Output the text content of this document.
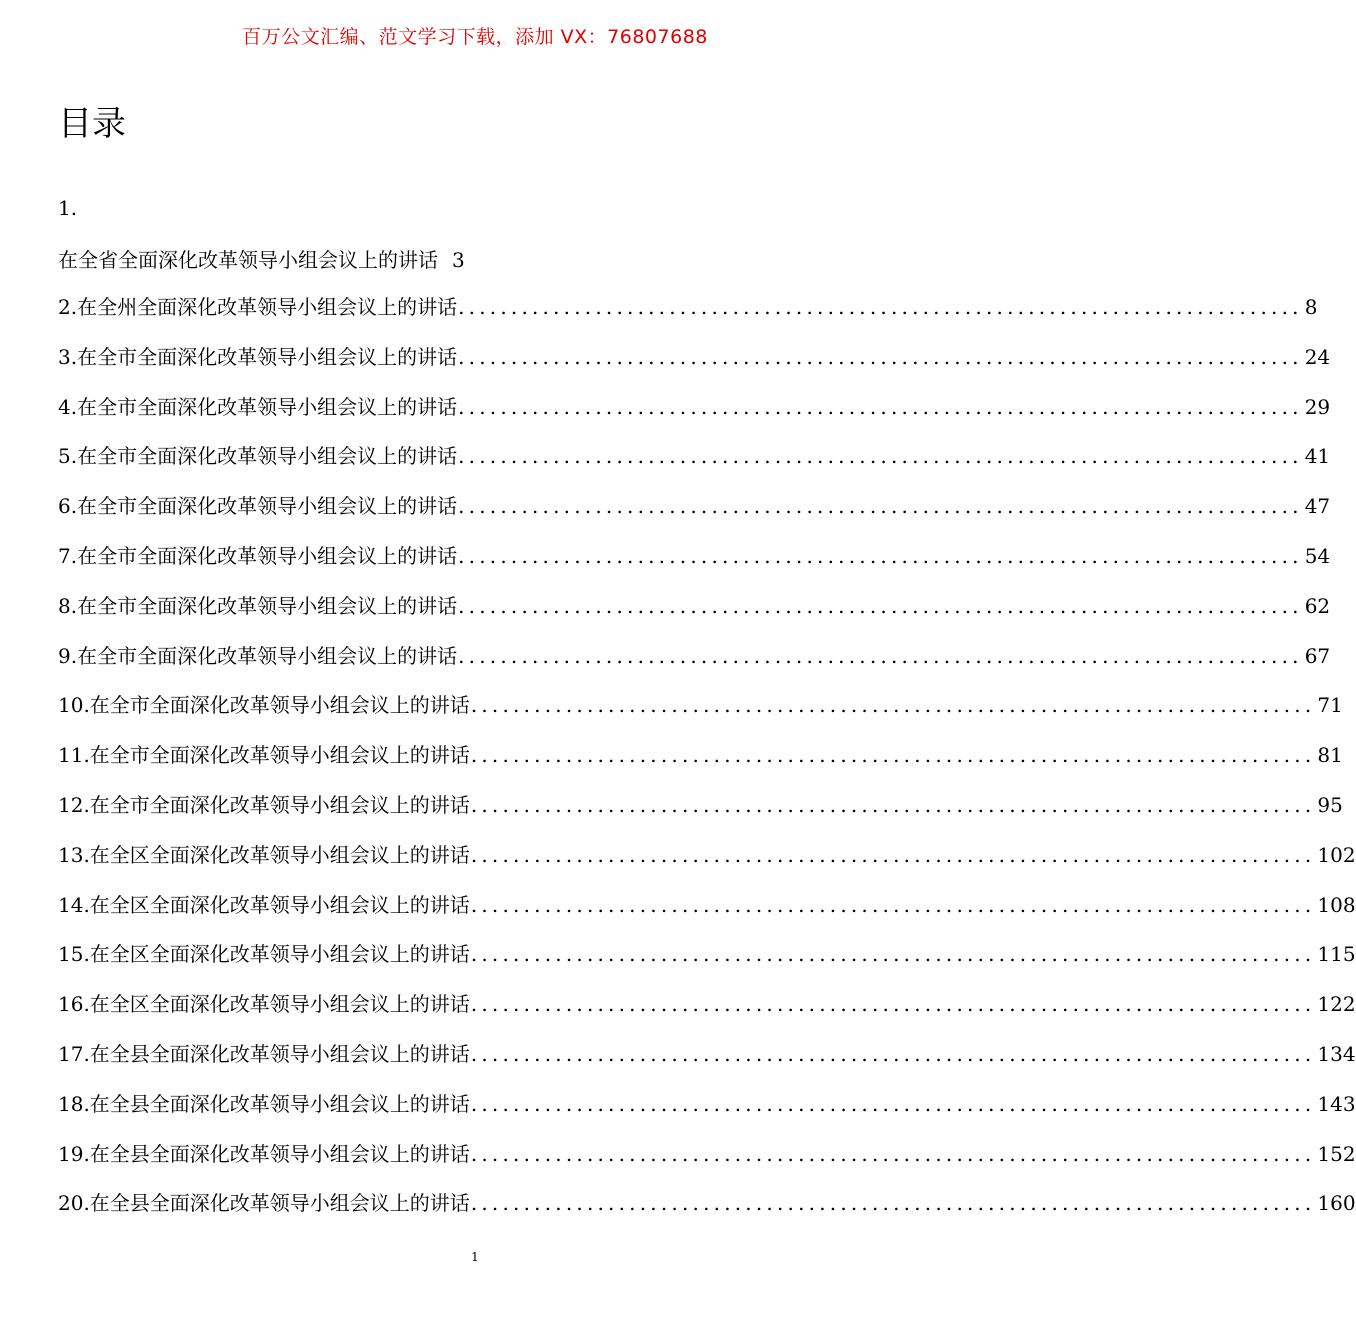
百万公文汇编、范文学习下载，添加 VX：76807688
目录
1.
在全省全面深化改革领导小组会议上的讲话 3
2.在全州全面深化改革领导小组会议上的讲话 ................................................................................ 8
3.在全市全面深化改革领导小组会议上的讲话 ................................................................................ 24
4.在全市全面深化改革领导小组会议上的讲话 ................................................................................ 29
5.在全市全面深化改革领导小组会议上的讲话 ................................................................................ 41
6.在全市全面深化改革领导小组会议上的讲话 ................................................................................ 47
7.在全市全面深化改革领导小组会议上的讲话 ................................................................................ 54
8.在全市全面深化改革领导小组会议上的讲话 ................................................................................ 62
9.在全市全面深化改革领导小组会议上的讲话 ................................................................................ 67
10.在全市全面深化改革领导小组会议上的讲话 ................................................................................ 71
11.在全市全面深化改革领导小组会议上的讲话 ................................................................................ 81
12.在全市全面深化改革领导小组会议上的讲话 ................................................................................ 95
13.在全区全面深化改革领导小组会议上的讲话 ................................................................................ 102
14.在全区全面深化改革领导小组会议上的讲话 ................................................................................ 108
15.在全区全面深化改革领导小组会议上的讲话 ................................................................................ 115
16.在全区全面深化改革领导小组会议上的讲话 ................................................................................ 122
17.在全县全面深化改革领导小组会议上的讲话 ................................................................................ 134
18.在全县全面深化改革领导小组会议上的讲话 ................................................................................ 143
19.在全县全面深化改革领导小组会议上的讲话 ................................................................................ 152
20.在全县全面深化改革领导小组会议上的讲话 ................................................................................ 160
1
